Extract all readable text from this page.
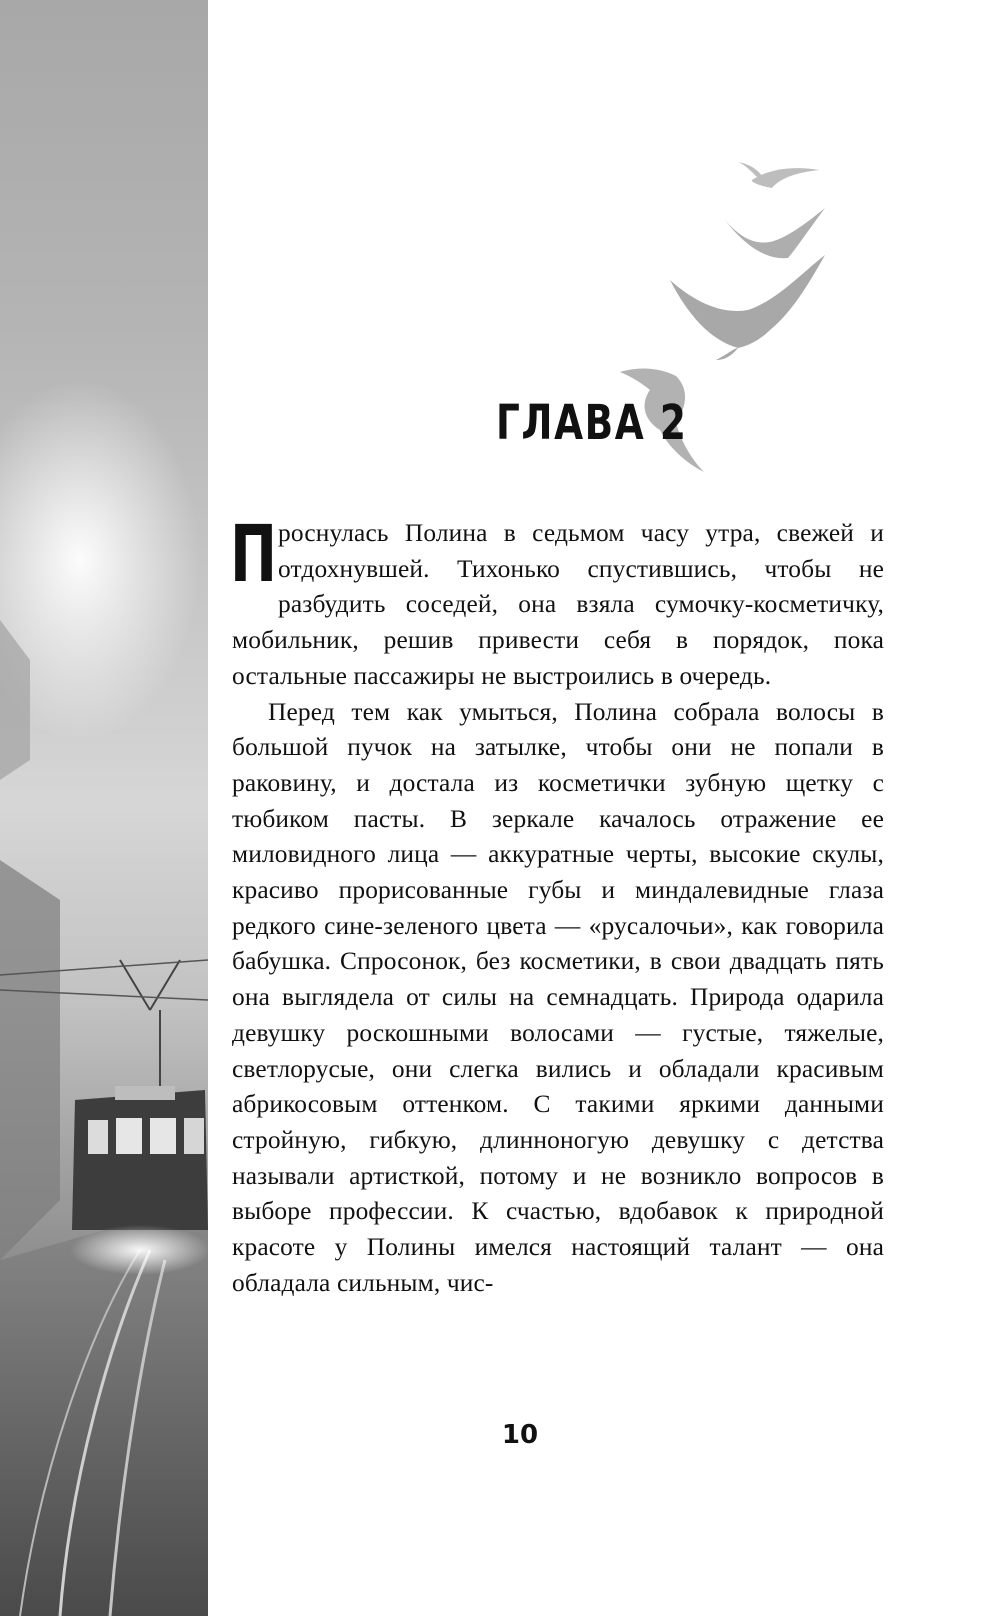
ГЛАВА 2

Проснулась Полина в седьмом часу утра, свежей и отдохнувшей. Тихонько спустившись, чтобы не разбудить соседей, она взяла сумочку-косметичку, мобильник, решив привести себя в порядок, пока остальные пассажиры не выстроились в очередь.

Перед тем как умыться, Полина собрала волосы в большой пучок на затылке, чтобы они не попали в раковину, и достала из косметички зубную щетку с тюбиком пасты. В зеркале качалось отражение ее миловидного лица — аккуратные черты, высокие скулы, красиво прорисованные губы и миндалевидные глаза редкого сине-зеленого цвета — «русалочьи», как говорила бабушка. Спросонок, без косметики, в свои двадцать пять она выглядела от силы на семнадцать. Природа одарила девушку роскошными волосами — густые, тяжелые, светлорусые, они слегка вились и обладали красивым абрикосовым оттенком. С такими яркими данными стройную, гибкую, длинноногую девушку с детства называли артисткой, потому и не возникло вопросов в выборе профессии. К счастью, вдобавок к природной красоте у Полины имелся настоящий талант — она обладала сильным, чис-

10
